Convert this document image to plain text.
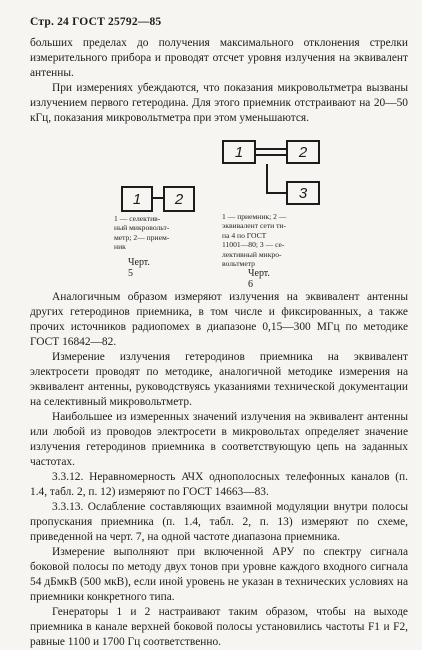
Стр. 24 ГОСТ 25792—85

больших пределах до получения максимального отклонения стрелки измерительного прибора и проводят отсчет уровня излучения на эквивалент антенны.

При измерениях убеждаются, что показания микровольтметра вызваны излучением первого гетеродина. Для этого приемник отстраивают на 20—50 кГц, показания микровольтметра при этом уменьшаются.

1	2
1 — селектив-
ный микровольт-
метр; 2— прием-
ник
Черт. 5
1	2
3
1 — приемник; 2 —
эквивалент сети ти-
па 4 по ГОСТ
11001—80; 3 — се-
лективный микро-
вольтметр
Черт. 6

Аналогичным образом измеряют излучения на эквивалент антенны других гетеродинов приемника, в том числе и фиксированных, а также прочих источников радиопомех в диапазоне 0,15—300 МГц по методике ГОСТ 16842—82.

Измерение излучения гетеродинов приемника на эквивалент электросети проводят по методике, аналогичной методике измерения на эквивалент антенны, руководствуясь указаниями технической документации на селективный микровольтметр.

Наибольшее из измеренных значений излучения на эквивалент антенны или любой из проводов электросети в микровольтах определяет значение излучения гетеродинов приемника в соответствующую цепь на заданных частотах.

3.3.12. Неравномерность АЧХ однополосных телефонных каналов (п. 1.4, табл. 2, п. 12) измеряют по ГОСТ 14663—83.

3.3.13. Ослабление составляющих взаимной модуляции внутри полосы пропускания приемника (п. 1.4, табл. 2, п. 13) измеряют по схеме, приведенной на черт. 7, на одной частоте диапазона приемника.

Измерение выполняют при включенной АРУ по спектру сигнала боковой полосы по методу двух тонов при уровне каждого входного сигнала 54 дБмкВ (500 мкВ), если иной уровень не указан в технических условиях на приемники конкретного типа.

Генераторы 1 и 2 настраивают таким образом, чтобы на выходе приемника в канале верхней боковой полосы установились частоты F1 и F2, равные 1100 и 1700 Гц соответственно.
